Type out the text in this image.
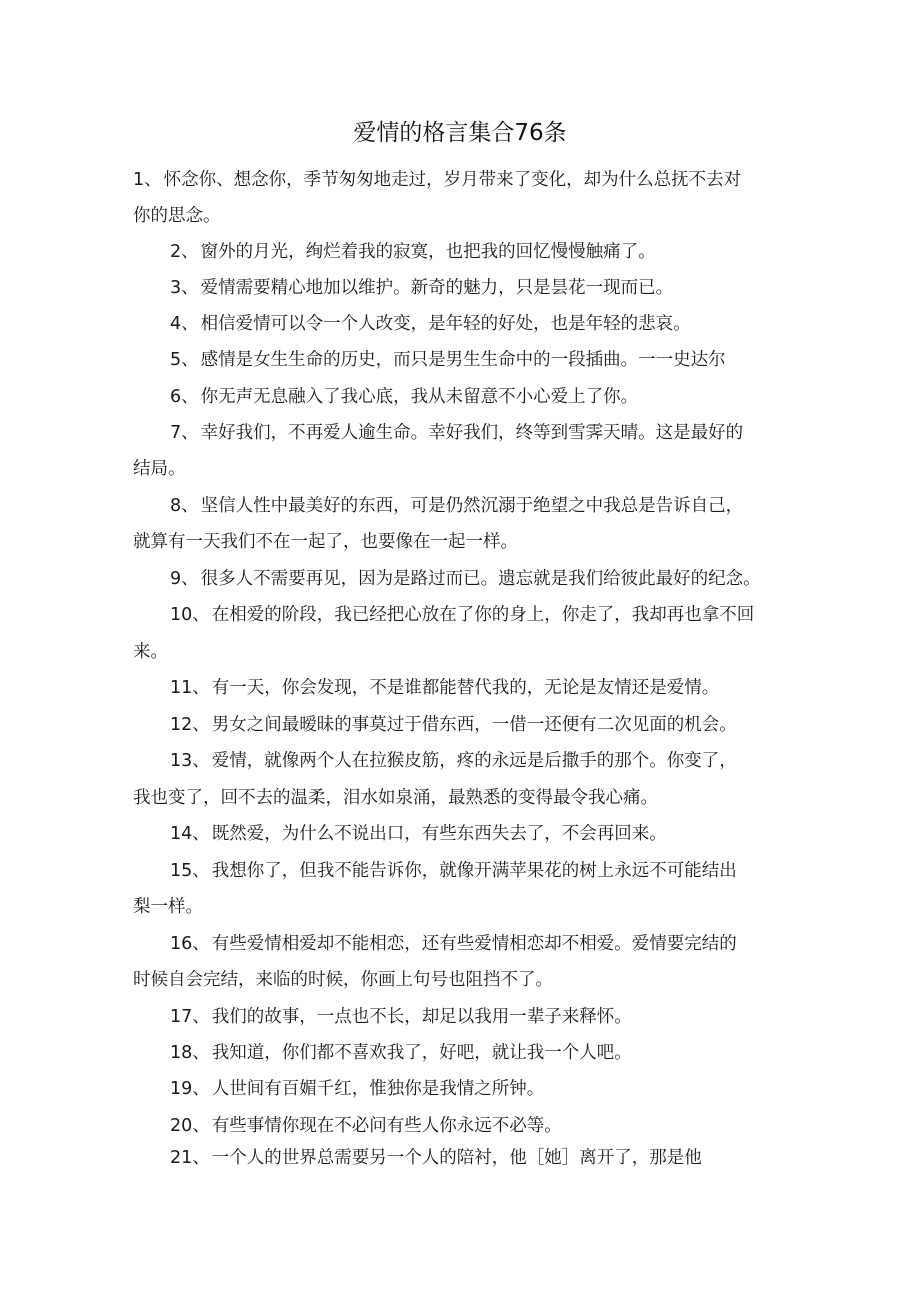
爱情的格言集合76条

1、 怀念你、想念你，季节匆匆地走过，岁月带来了变化，却为什么总抚不去对

你的思念。

2、 窗外的月光，绚烂着我的寂寞，也把我的回忆慢慢触痛了。

3、 爱情需要精心地加以维护。新奇的魅力，只是昙花一现而已。

4、 相信爱情可以令一个人改变，是年轻的好处，也是年轻的悲哀。

5、 感情是女生生命的历史，而只是男生生命中的一段插曲。一一史达尔

6、 你无声无息融入了我心底，我从未留意不小心爱上了你。

7、 幸好我们，不再爱人逾生命。幸好我们，终等到雪霁天晴。这是最好的

结局。

8、 坚信人性中最美好的东西，可是仍然沉溺于绝望之中我总是告诉自己，

就算有一天我们不在一起了，也要像在一起一样。

9、 很多人不需要再见，因为是路过而已。遗忘就是我们给彼此最好的纪念。

10、 在相爱的阶段，我已经把心放在了你的身上，你走了，我却再也拿不回

来。

11、 有一天，你会发现，不是谁都能替代我的，无论是友情还是爱情。

12、 男女之间最暧昧的事莫过于借东西，一借一还便有二次见面的机会。

13、 爱情，就像两个人在拉猴皮筋，疼的永远是后撒手的那个。你变了，

我也变了，回不去的温柔，泪水如泉涌，最熟悉的变得最令我心痛。

14、 既然爱，为什么不说出口，有些东西失去了，不会再回来。

15、 我想你了，但我不能告诉你，就像开满苹果花的树上永远不可能结出

梨一样。

16、 有些爱情相爱却不能相恋，还有些爱情相恋却不相爱。爱情要完结的

时候自会完结，来临的时候，你画上句号也阻挡不了。

17、 我们的故事，一点也不长，却足以我用一辈子来释怀。

18、 我知道，你们都不喜欢我了，好吧，就让我一个人吧。

19、 人世间有百媚千红，惟独你是我情之所钟。

20、 有些事情你现在不必问有些人你永远不必等。

21、 一个人的世界总需要另一个人的陪衬，他［她］离开了，那是他
